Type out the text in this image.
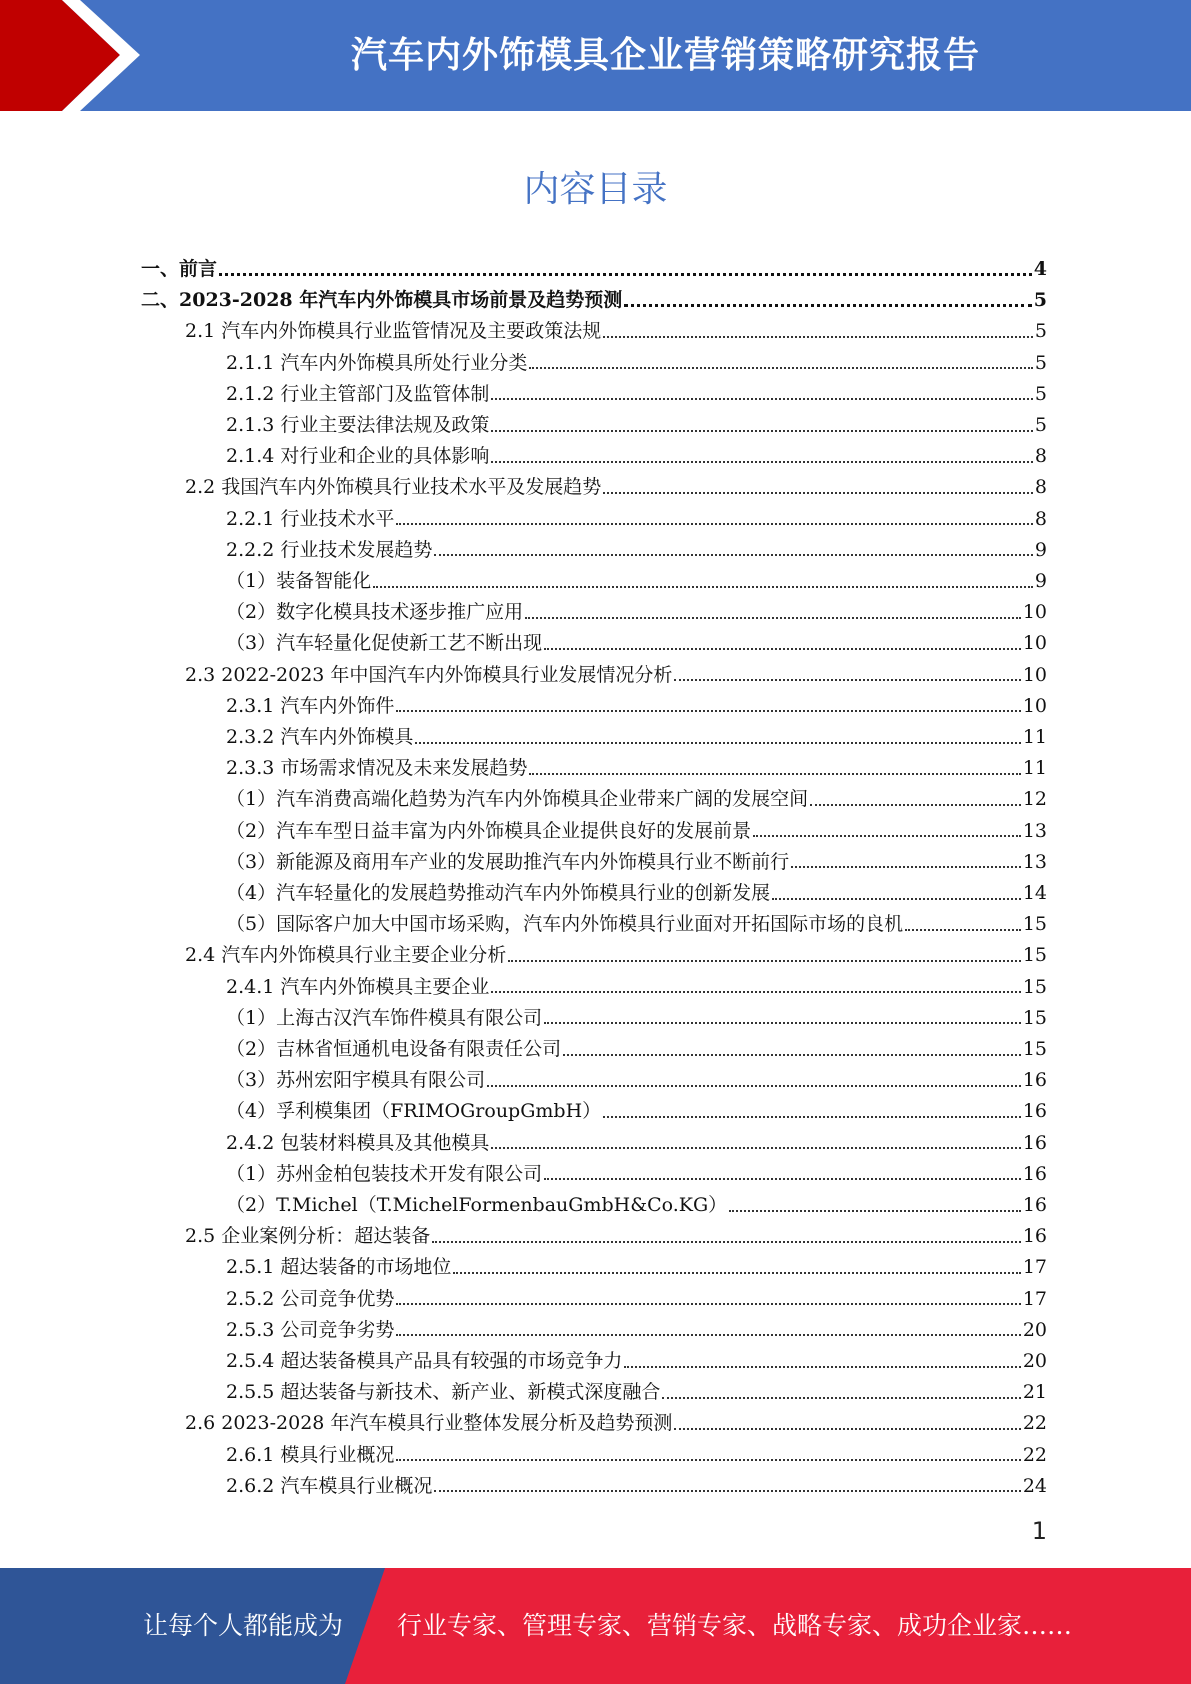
汽车内外饰模具企业营销策略研究报告
内容目录
一、前言	4
二、2023-2028 年汽车内外饰模具市场前景及趋势预测	5
2.1 汽车内外饰模具行业监管情况及主要政策法规	5
2.1.1 汽车内外饰模具所处行业分类	5
2.1.2 行业主管部门及监管体制	5
2.1.3 行业主要法律法规及政策	5
2.1.4 对行业和企业的具体影响	8
2.2 我国汽车内外饰模具行业技术水平及发展趋势	8
2.2.1 行业技术水平	8
2.2.2 行业技术发展趋势	9
（1）装备智能化	9
（2）数字化模具技术逐步推广应用	10
（3）汽车轻量化促使新工艺不断出现	10
2.3 2022-2023 年中国汽车内外饰模具行业发展情况分析	10
2.3.1 汽车内外饰件	10
2.3.2 汽车内外饰模具	11
2.3.3 市场需求情况及未来发展趋势	11
（1）汽车消费高端化趋势为汽车内外饰模具企业带来广阔的发展空间	12
（2）汽车车型日益丰富为内外饰模具企业提供良好的发展前景	13
（3）新能源及商用车产业的发展助推汽车内外饰模具行业不断前行	13
（4）汽车轻量化的发展趋势推动汽车内外饰模具行业的创新发展	14
（5）国际客户加大中国市场采购，汽车内外饰模具行业面对开拓国际市场的良机	15
2.4 汽车内外饰模具行业主要企业分析	15
2.4.1 汽车内外饰模具主要企业	15
（1）上海古汉汽车饰件模具有限公司	15
（2）吉林省恒通机电设备有限责任公司	15
（3）苏州宏阳宇模具有限公司	16
（4）孚利模集团（FRIMOGroupGmbH）	16
2.4.2 包装材料模具及其他模具	16
（1）苏州金柏包装技术开发有限公司	16
（2）T.Michel（T.MichelFormenbauGmbH&Co.KG）	16
2.5 企业案例分析：超达装备	16
2.5.1 超达装备的市场地位	17
2.5.2 公司竞争优势	17
2.5.3 公司竞争劣势	20
2.5.4 超达装备模具产品具有较强的市场竞争力	20
2.5.5 超达装备与新技术、新产业、新模式深度融合	21
2.6 2023-2028 年汽车模具行业整体发展分析及趋势预测	22
2.6.1 模具行业概况	22
2.6.2 汽车模具行业概况	24
1
让每个人都能成为 行业专家、管理专家、营销专家、战略专家、成功企业家……
